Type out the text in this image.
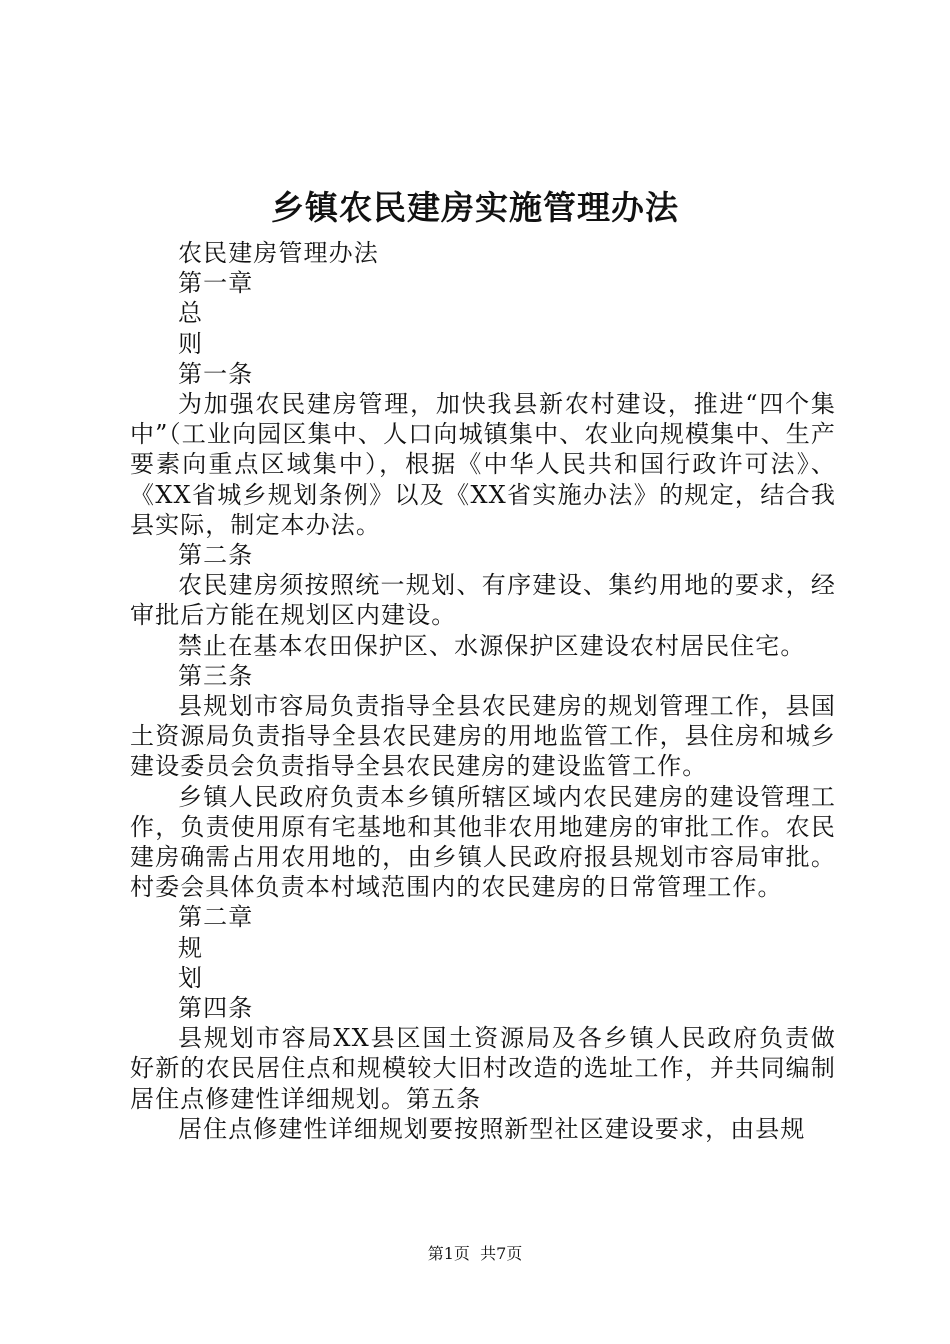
乡镇农民建房实施管理办法

农民建房管理办法

第一章

总

则

第一条

为加强农民建房管理，加快我县新农村建设，推进“四个集中”（工业向园区集中、人口向城镇集中、农业向规模集中、生产要素向重点区域集中），根据《中华人民共和国行政许可法》、《XX省城乡规划条例》以及《XX省实施办法》的规定，结合我县实际，制定本办法。

第二条

农民建房须按照统一规划、有序建设、集约用地的要求，经审批后方能在规划区内建设。

禁止在基本农田保护区、水源保护区建设农村居民住宅。

第三条

县规划市容局负责指导全县农民建房的规划管理工作，县国土资源局负责指导全县农民建房的用地监管工作，县住房和城乡建设委员会负责指导全县农民建房的建设监管工作。

乡镇人民政府负责本乡镇所辖区域内农民建房的建设管理工作，负责使用原有宅基地和其他非农用地建房的审批工作。农民建房确需占用农用地的，由乡镇人民政府报县规划市容局审批。村委会具体负责本村域范围内的农民建房的日常管理工作。

第二章

规

划

第四条

县规划市容局XX县区国土资源局及各乡镇人民政府负责做好新的农民居住点和规模较大旧村改造的选址工作，并共同编制居住点修建性详细规划。第五条

居住点修建性详细规划要按照新型社区建设要求，由县规

第1页 共7页
